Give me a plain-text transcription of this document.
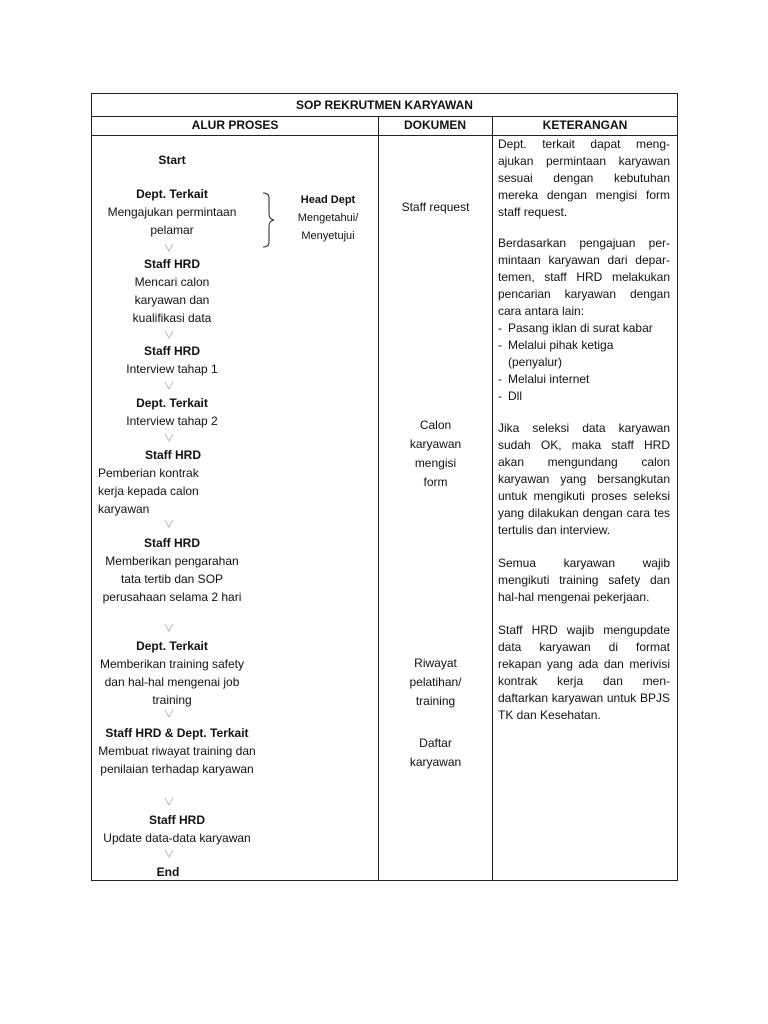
SOP REKRUTMEN KARYAWAN
ALUR PROSES	DOKUMEN	KETERANGAN
Start
Dept. Terkait
Mengajukan permintaan pelamar
Head Dept
Mengetahui/
Menyetujui
Staff HRD
Mencari calon karyawan dan kualifikasi data
Staff HRD
Interview tahap 1
Dept. Terkait
Interview tahap 2
Staff HRD
Pemberian kontrak kerja kepada calon karyawan
Staff HRD
Memberikan pengarahan tata tertib dan SOP perusahaan selama 2 hari
Dept. Terkait
Memberikan training safety dan hal-hal mengenai job training
Staff HRD & Dept. Terkait
Membuat riwayat training dan penilaian terhadap karyawan
Staff HRD
Update data-data karyawan
End
Staff request
Calon karyawan mengisi form
Riwayat pelatihan/ training
Daftar karyawan

Dept. terkait dapat meng- ajukan permintaan karyawan sesuai dengan kebutuhan mereka dengan mengisi form staff request.

Berdasarkan pengajuan per- mintaan karyawan dari depar- temen, staff HRD melakukan pencarian karyawan dengan cara antara lain:

- Pasang iklan di surat kabar
- Melalui pihak ketiga (penyalur)
- Melalui internet
- Dll

Jika seleksi data karyawan sudah OK, maka staff HRD akan mengundang calon karyawan yang bersangkutan untuk mengikuti proses seleksi yang dilakukan dengan cara tes tertulis dan interview.

Semua karyawan wajib mengikuti training safety dan hal-hal mengenai pekerjaan.

Staff HRD wajib mengupdate data karyawan di format rekapan yang ada dan merivisi kontrak kerja dan men- daftarkan karyawan untuk BPJS TK dan Kesehatan.
